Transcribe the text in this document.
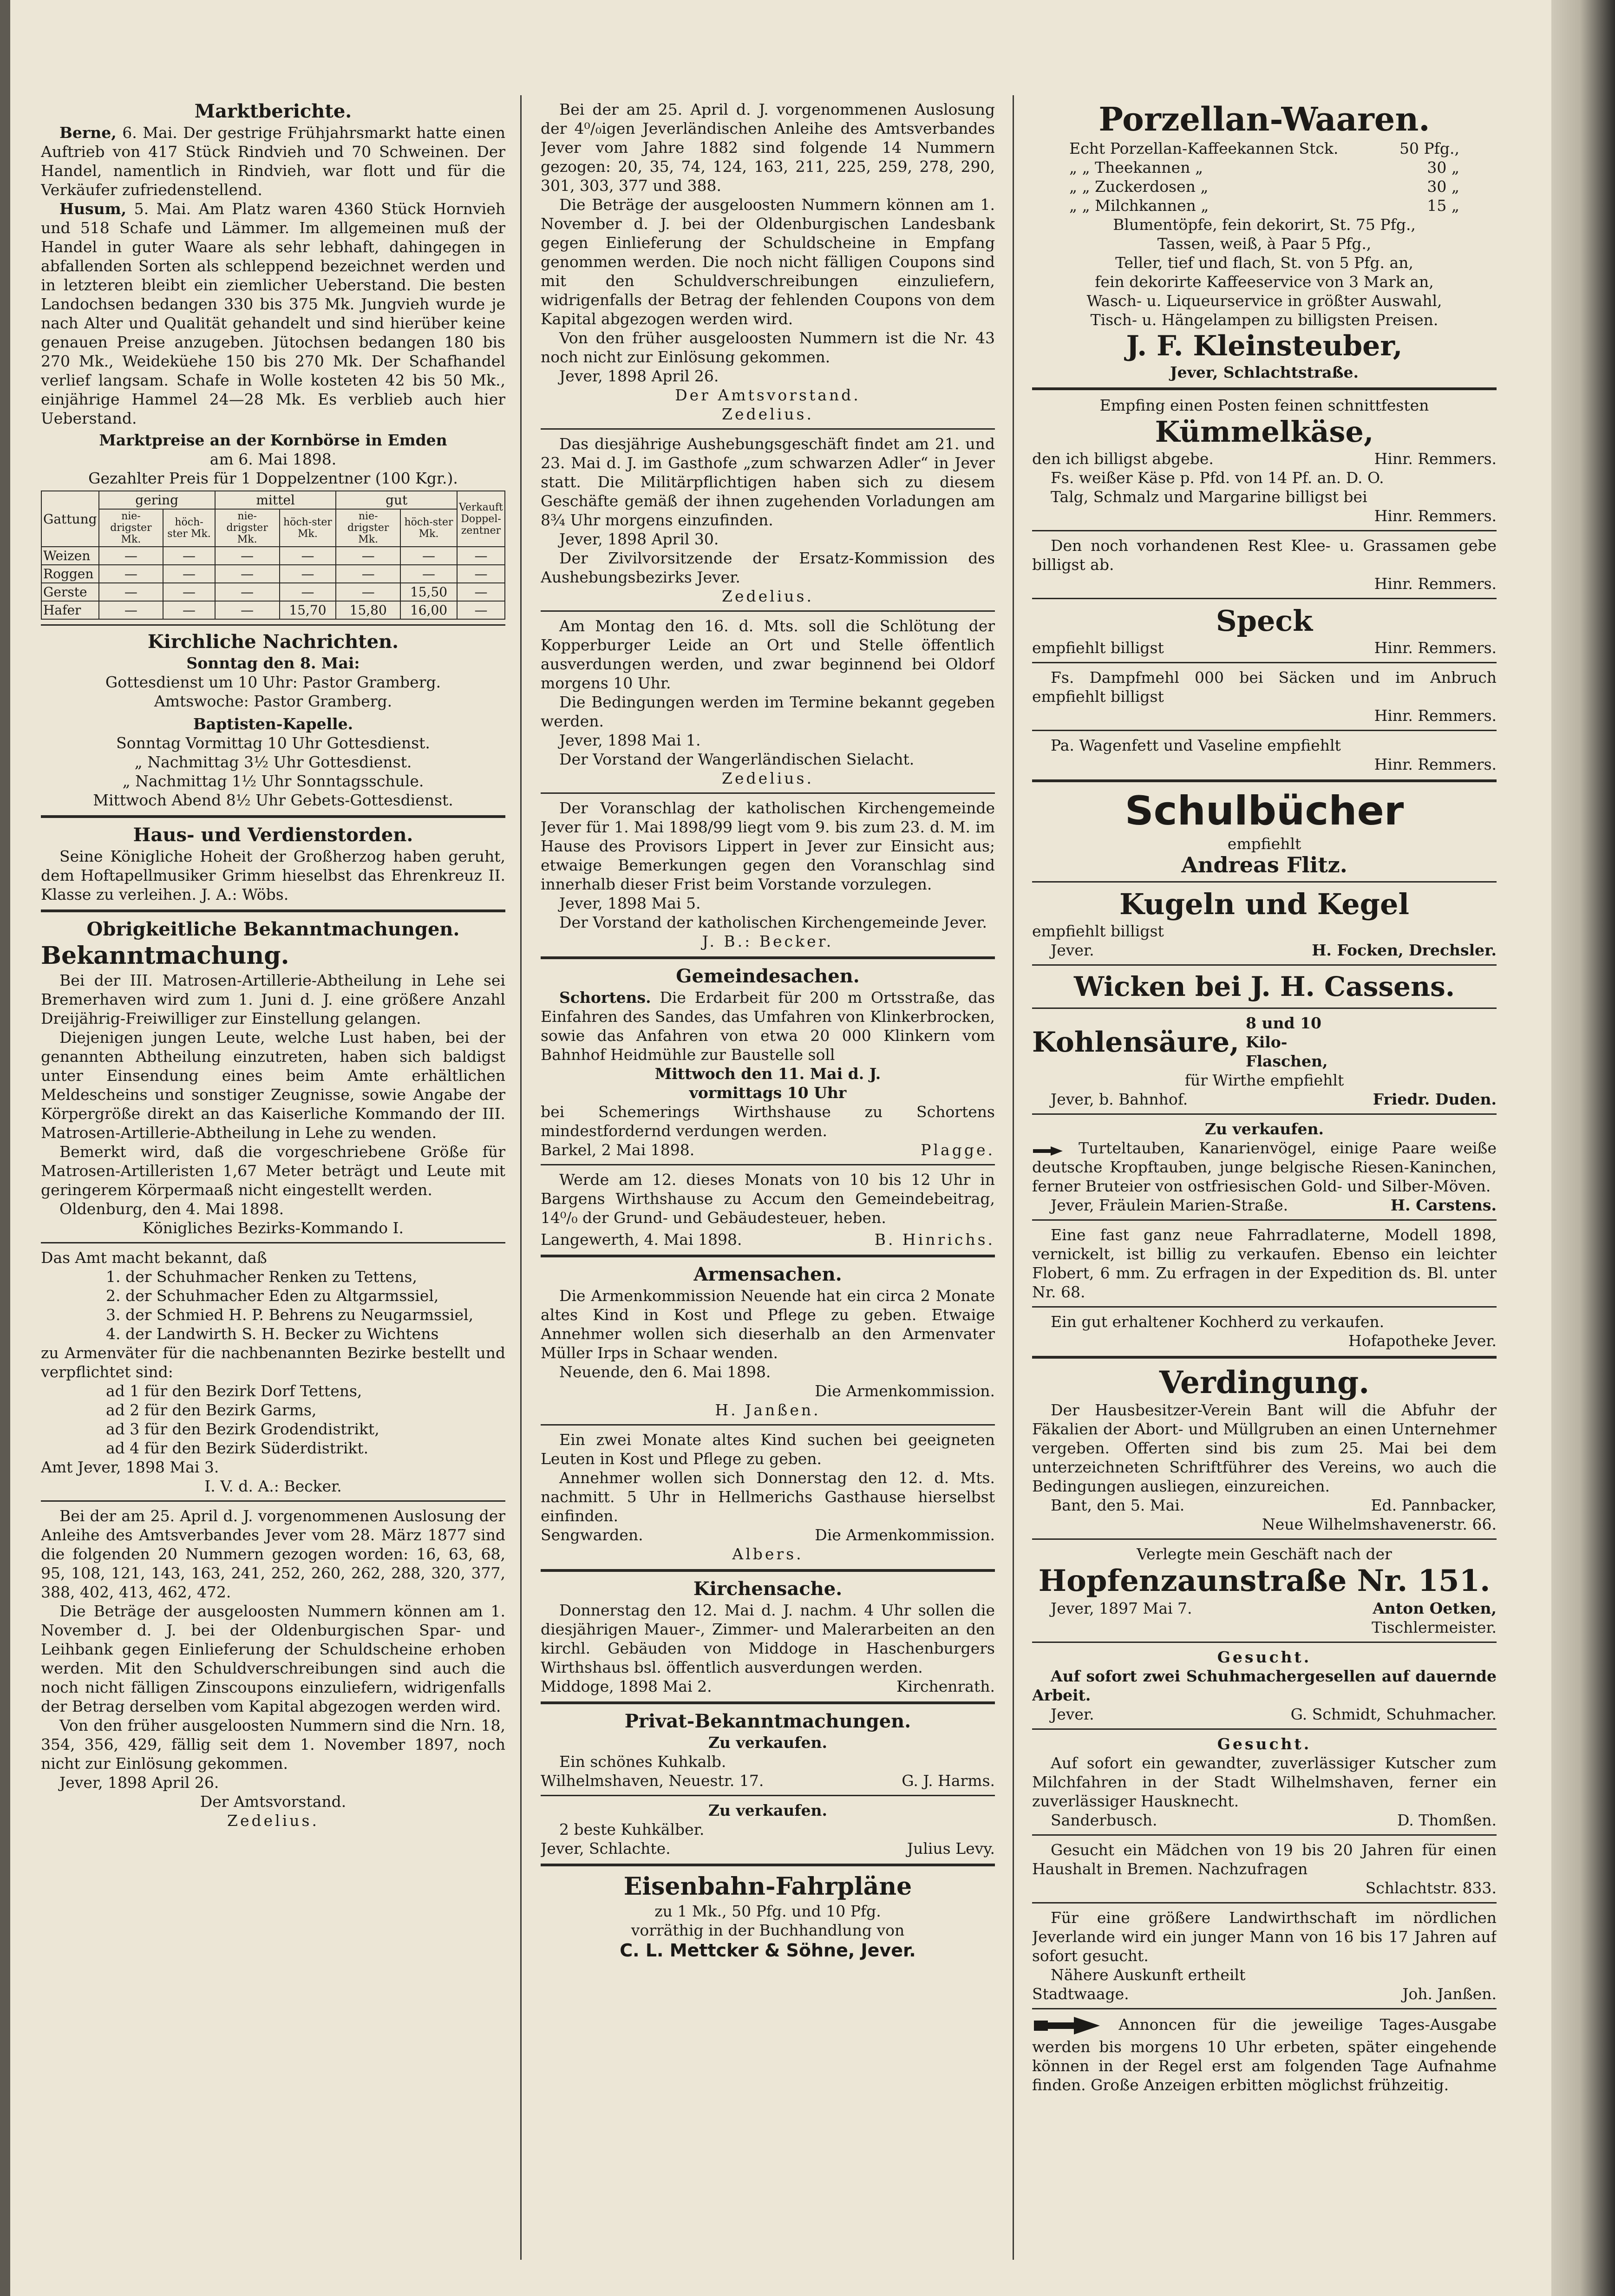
Marktberichte.

Berne, 6. Mai. Der gestrige Frühjahrsmarkt hatte einen Auftrieb von 417 Stück Rindvieh und 70 Schweinen. Der Handel, namentlich in Rindvieh, war flott und für die Verkäufer zufriedenstellend.

Husum, 5. Mai. Am Platz waren 4360 Stück Hornvieh und 518 Schafe und Lämmer. Im allgemeinen muß der Handel in guter Waare als sehr lebhaft, dahingegen in abfallenden Sorten als schleppend bezeichnet werden und in letzteren bleibt ein ziemlicher Ueberstand. Die besten Landochsen bedangen 330 bis 375 Mk. Jungvieh wurde je nach Alter und Qualität gehandelt und sind hierüber keine genauen Preise anzugeben. Jütochsen bedangen 180 bis 270 Mk., Weideküehe 150 bis 270 Mk. Der Schafhandel verlief langsam. Schafe in Wolle kosteten 42 bis 50 Mk., einjährige Hammel 24—28 Mk. Es verblieb auch hier Ueberstand.

Marktpreise an der Kornbörse in Emden

am 6. Mai 1898.

Gezahlter Preis für 1 Doppelzentner (100 Kgr.).

Gattung	gering		mittel		gut		Verkauft Doppel-zentner
	nie-drigster Mk.	höch-ster Mk.	nie-drigster Mk.	höch-ster Mk.	nie-drigster Mk.	höch-ster Mk.	
Weizen	—	—	—	—	—	—	—
Roggen	—	—	—	—	—	—	—
Gerste	—	—	—	—	—	15,50	—
Hafer	—	—	—	15,70	15,80	16,00	—

Kirchliche Nachrichten.

Sonntag den 8. Mai:

Gottesdienst um 10 Uhr: Pastor Gramberg.

Amtswoche: Pastor Gramberg.

Baptisten-Kapelle.

Sonntag Vormittag 10 Uhr Gottesdienst.

„ Nachmittag 3½ Uhr Gottesdienst.

„ Nachmittag 1½ Uhr Sonntagsschule.

Mittwoch Abend 8½ Uhr Gebets-Gottesdienst.

Haus- und Verdienstorden.

Seine Königliche Hoheit der Großherzog haben geruht, dem Hoftapellmusiker Grimm hieselbst das Ehrenkreuz II. Klasse zu verleihen. J. A.: Wöbs.

Obrigkeitliche Bekanntmachungen.

Bekanntmachung.

Bei der III. Matrosen-Artillerie-Abtheilung in Lehe sei Bremerhaven wird zum 1. Juni d. J. eine größere Anzahl Dreijährig-Freiwilliger zur Einstellung gelangen.

Diejenigen jungen Leute, welche Lust haben, bei der genannten Abtheilung einzutreten, haben sich baldigst unter Einsendung eines beim Amte erhältlichen Meldescheins und sonstiger Zeugnisse, sowie Angabe der Körpergröße direkt an das Kaiserliche Kommando der III. Matrosen-Artillerie-Abtheilung in Lehe zu wenden.

Bemerkt wird, daß die vorgeschriebene Größe für Matrosen-Artilleristen 1,67 Meter beträgt und Leute mit geringerem Körpermaaß nicht eingestellt werden.

Oldenburg, den 4. Mai 1898.

Königliches Bezirks-Kommando I.

Das Amt macht bekannt, daß

1. der Schuhmacher Renken zu Tettens,

2. der Schuhmacher Eden zu Altgarmssiel,

3. der Schmied H. P. Behrens zu Neugarmssiel,

4. der Landwirth S. H. Becker zu Wichtens

zu Armenväter für die nachbenannten Bezirke bestellt und verpflichtet sind:

ad 1 für den Bezirk Dorf Tettens,

ad 2 für den Bezirk Garms,

ad 3 für den Bezirk Grodendistrikt,

ad 4 für den Bezirk Süderdistrikt.

Amt Jever, 1898 Mai 3.

I. V. d. A.: Becker.

Bei der am 25. April d. J. vorgenommenen Auslosung der Anleihe des Amtsverbandes Jever vom 28. März 1877 sind die folgenden 20 Nummern gezogen worden: 16, 63, 68, 95, 108, 121, 143, 163, 241, 252, 260, 262, 288, 320, 377, 388, 402, 413, 462, 472.

Die Beträge der ausgeloosten Nummern können am 1. November d. J. bei der Oldenburgischen Spar- und Leihbank gegen Einlieferung der Schuldscheine erhoben werden. Mit den Schuldverschreibungen sind auch die noch nicht fälligen Zinscoupons einzuliefern, widrigenfalls der Betrag derselben vom Kapital abgezogen werden wird.

Von den früher ausgeloosten Nummern sind die Nrn. 18, 354, 356, 429, fällig seit dem 1. November 1897, noch nicht zur Einlösung gekommen.

Jever, 1898 April 26.

Der Amtsvorstand.

Zedelius.

Bei der am 25. April d. J. vorgenommenen Auslosung der 4⁰/₀igen Jeverländischen Anleihe des Amtsverbandes Jever vom Jahre 1882 sind folgende 14 Nummern gezogen: 20, 35, 74, 124, 163, 211, 225, 259, 278, 290, 301, 303, 377 und 388.

Die Beträge der ausgeloosten Nummern können am 1. November d. J. bei der Oldenburgischen Landesbank gegen Einlieferung der Schuldscheine in Empfang genommen werden. Die noch nicht fälligen Coupons sind mit den Schuldverschreibungen einzuliefern, widrigenfalls der Betrag der fehlenden Coupons von dem Kapital abgezogen werden wird.

Von den früher ausgeloosten Nummern ist die Nr. 43 noch nicht zur Einlösung gekommen.

Jever, 1898 April 26.

Der Amtsvorstand.

Zedelius.

Das diesjährige Aushebungsgeschäft findet am 21. und 23. Mai d. J. im Gasthofe „zum schwarzen Adler“ in Jever statt. Die Militärpflichtigen haben sich zu diesem Geschäfte gemäß der ihnen zugehenden Vorladungen am 8¾ Uhr morgens einzufinden.

Jever, 1898 April 30.

Der Zivilvorsitzende der Ersatz-Kommission des Aushebungsbezirks Jever.

Zedelius.

Am Montag den 16. d. Mts. soll die Schlötung der Kopperburger Leide an Ort und Stelle öffentlich ausverdungen werden, und zwar beginnend bei Oldorf morgens 10 Uhr.

Die Bedingungen werden im Termine bekannt gegeben werden.

Jever, 1898 Mai 1.

Der Vorstand der Wangerländischen Sielacht.

Zedelius.

Der Voranschlag der katholischen Kirchengemeinde Jever für 1. Mai 1898/99 liegt vom 9. bis zum 23. d. M. im Hause des Provisors Lippert in Jever zur Einsicht aus; etwaige Bemerkungen gegen den Voranschlag sind innerhalb dieser Frist beim Vorstande vorzulegen.

Jever, 1898 Mai 5.

Der Vorstand der katholischen Kirchengemeinde Jever.

J. B.: Becker.

Gemeindesachen.

Schortens. Die Erdarbeit für 200 m Ortsstraße, das Einfahren des Sandes, das Umfahren von Klinkerbrocken, sowie das Anfahren von etwa 20 000 Klinkern vom Bahnhof Heidmühle zur Baustelle soll

Mittwoch den 11. Mai d. J.

vormittags 10 Uhr

bei Schemerings Wirthshause zu Schortens mindestfordernd verdungen werden.

Barkel, 2 Mai 1898.	Plagge.

Werde am 12. dieses Monats von 10 bis 12 Uhr in Bargens Wirthshause zu Accum den Gemeindebeitrag, 14⁰/₀ der Grund- und Gebäudesteuer, heben.

Langewerth, 4. Mai 1898.	B. Hinrichs.

Armensachen.

Die Armenkommission Neuende hat ein circa 2 Monate altes Kind in Kost und Pflege zu geben. Etwaige Annehmer wollen sich dieserhalb an den Armenvater Müller Irps in Schaar wenden.

Neuende, den 6. Mai 1898.

Die Armenkommission.

H. Janßen.

Ein zwei Monate altes Kind suchen bei geeigneten Leuten in Kost und Pflege zu geben.

Annehmer wollen sich Donnerstag den 12. d. Mts. nachmitt. 5 Uhr in Hellmerichs Gasthause hierselbst einfinden.

Sengwarden.	Die Armenkommission.

Albers.

Kirchensache.

Donnerstag den 12. Mai d. J. nachm. 4 Uhr sollen die diesjährigen Mauer-, Zimmer- und Malerarbeiten an den kirchl. Gebäuden von Middoge in Haschenburgers Wirthshaus bsl. öffentlich ausverdungen werden.

Middoge, 1898 Mai 2.	Kirchenrath.

Privat-Bekanntmachungen.

Zu verkaufen.

Ein schönes Kuhkalb.

Wilhelmshaven, Neuestr. 17.	G. J. Harms.

Zu verkaufen.

2 beste Kuhkälber.

Jever, Schlachte.	Julius Levy.

Eisenbahn-Fahrpläne

zu 1 Mk., 50 Pfg. und 10 Pfg.

vorräthig in der Buchhandlung von

C. L. Mettcker & Söhne, Jever.

Porzellan-Waaren.

Echt Porzellan-Kaffeekannen Stck.	50 Pfg.,
„ „ Theekannen „	30 „
„ „ Zuckerdosen „	30 „
„ „ Milchkannen „	15 „

Blumentöpfe, fein dekorirt, St. 75 Pfg.,

Tassen, weiß, à Paar 5 Pfg.,

Teller, tief und flach, St. von 5 Pfg. an,

fein dekorirte Kaffeeservice von 3 Mark an,

Wasch- u. Liqueurservice in größter Auswahl,

Tisch- u. Hängelampen zu billigsten Preisen.

J. F. Kleinsteuber,

Jever, Schlachtstraße.

Empfing einen Posten feinen schnittfesten

Kümmelkäse,

den ich billigst abgebe.	Hinr. Remmers.

Fs. weißer Käse p. Pfd. von 14 Pf. an. D. O.

Talg, Schmalz und Margarine billigst bei

Hinr. Remmers.

Den noch vorhandenen Rest Klee- u. Grassamen gebe billigst ab.

Hinr. Remmers.

Speck

empfiehlt billigst	Hinr. Remmers.

Fs. Dampfmehl 000 bei Säcken und im Anbruch empfiehlt billigst

Hinr. Remmers.

Pa. Wagenfett und Vaseline empfiehlt

Hinr. Remmers.

Schulbücher

empfiehlt

Andreas Flitz.

Kugeln und Kegel

empfiehlt billigst

Jever.	H. Focken, Drechsler.

Wicken bei J. H. Cassens.

Kohlensäure,
8 und 10 Kilo-Flaschen,

für Wirthe empfiehlt

Jever, b. Bahnhof.	Friedr. Duden.

Zu verkaufen.

Turteltauben, Kanarienvögel, einige Paare weiße deutsche Kropftauben, junge belgische Riesen-Kaninchen, ferner Bruteier von ostfriesischen Gold- und Silber-Möven.

Jever, Fräulein Marien-Straße.	H. Carstens.

Eine fast ganz neue Fahrradlaterne, Modell 1898, vernickelt, ist billig zu verkaufen. Ebenso ein leichter Flobert, 6 mm. Zu erfragen in der Expedition ds. Bl. unter Nr. 68.

Ein gut erhaltener Kochherd zu verkaufen.

Hofapotheke Jever.

Verdingung.

Der Hausbesitzer-Verein Bant will die Abfuhr der Fäkalien der Abort- und Müllgruben an einen Unternehmer vergeben. Offerten sind bis zum 25. Mai bei dem unterzeichneten Schriftführer des Vereins, wo auch die Bedingungen ausliegen, einzureichen.

Bant, den 5. Mai.	Ed. Pannbacker,

Neue Wilhelmshavenerstr. 66.

Verlegte mein Geschäft nach der

Hopfenzaunstraße Nr. 151.

Jever, 1897 Mai 7.	Anton Oetken,

Tischlermeister.

Gesucht.

Auf sofort zwei Schuhmachergesellen auf dauernde Arbeit.

Jever.	G. Schmidt, Schuhmacher.

Gesucht.

Auf sofort ein gewandter, zuverlässiger Kutscher zum Milchfahren in der Stadt Wilhelmshaven, ferner ein zuverlässiger Hausknecht.

Sanderbusch.	D. Thomßen.

Gesucht ein Mädchen von 19 bis 20 Jahren für einen Haushalt in Bremen. Nachzufragen

Schlachtstr. 833.

Für eine größere Landwirthschaft im nördlichen Jeverlande wird ein junger Mann von 16 bis 17 Jahren auf sofort gesucht.

Nähere Auskunft ertheilt

Stadtwaage.	Joh. Janßen.

Annoncen für die jeweilige Tages-Ausgabe werden bis morgens 10 Uhr erbeten, später eingehende können in der Regel erst am folgenden Tage Aufnahme finden. Große Anzeigen erbitten möglichst frühzeitig.
